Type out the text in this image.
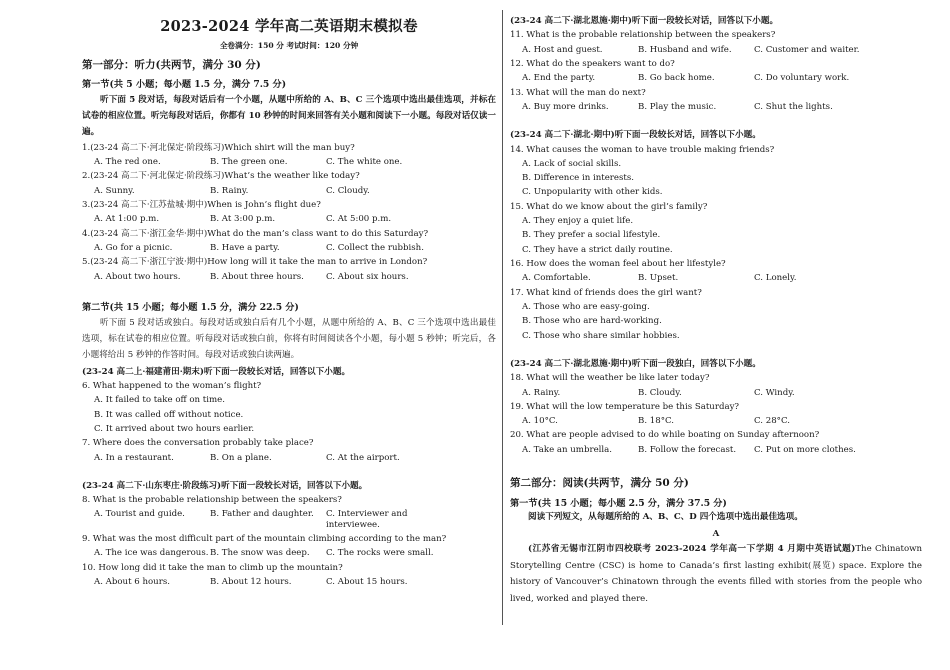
2023-2024 学年高二英语期末模拟卷
全卷满分：150 分 考试时间：120 分钟
第一部分：听力(共两节，满分 30 分)
第一节(共 5 小题；每小题 1.5 分，满分 7.5 分)
听下面 5 段对话，每段对话后有一个小题，从题中所给的 A、B、C 三个选项中选出最佳选项，并标在试卷的相应位置。听完每段对话后，你都有 10 秒钟的时间来回答有关小题和阅读下一小题。每段对话仅读一遍。
1.(23-24 高二下·河北保定·阶段练习)Which shirt will the man buy?
A. The red one.	B. The green one.	C. The white one.
2.(23-24 高二下·河北保定·阶段练习)What’s the weather like today?
A. Sunny.	B. Rainy.	C. Cloudy.
3.(23-24 高二下·江苏盐城·期中)When is John’s flight due?
A. At 1:00 p.m.	B. At 3:00 p.m.	C. At 5:00 p.m.
4.(23-24 高二下·浙江金华·期中)What do the man’s class want to do this Saturday?
A. Go for a picnic.	B. Have a party.	C. Collect the rubbish.
5.(23-24 高二下·浙江宁波·期中)How long will it take the man to arrive in London?
A. About two hours.	B. About three hours.	C. About six hours.
第二节(共 15 小题；每小题 1.5 分，满分 22.5 分)
听下面 5 段对话或独白。每段对话或独白后有几个小题，从题中所给的 A、B、C 三个选项中选出最佳选项，标在试卷的相应位置。听每段对话或独白前，你将有时间阅读各个小题，每小题 5 秒钟；听完后，各小题将给出 5 秒钟的作答时间。每段对话或独白读两遍。
(23-24 高二上·福建莆田·期末)听下面一段较长对话，回答以下小题。
6. What happened to the woman’s flight?
A. It failed to take off on time.
B. It was called off without notice.
C. It arrived about two hours earlier.
7. Where does the conversation probably take place?
A. In a restaurant.	B. On a plane.	C. At the airport.
(23-24 高二下·山东枣庄·阶段练习)听下面一段较长对话，回答以下小题。
8. What is the probable relationship between the speakers?
A. Tourist and guide.	B. Father and daughter.	C. Interviewer and interviewee.
9. What was the most difficult part of the mountain climbing according to the man?
A. The ice was dangerous. B. The snow was deep.	C. The rocks were small.
10. How long did it take the man to climb up the mountain?
A. About 6 hours.	B. About 12 hours.	C. About 15 hours.
(23-24 高二下·湖北恩施·期中)听下面一段较长对话，回答以下小题。
11. What is the probable relationship between the speakers?
A. Host and guest.	B. Husband and wife.	C. Customer and waiter.
12. What do the speakers want to do?
A. End the party.	B. Go back home.	C. Do voluntary work.
13. What will the man do next?
A. Buy more drinks.	B. Play the music.	C. Shut the lights.
(23-24 高二下·湖北·期中)听下面一段较长对话，回答以下小题。
14. What causes the woman to have trouble making friends?
A. Lack of social skills.
B. Difference in interests.
C. Unpopularity with other kids.
15. What do we know about the girl’s family?
A. They enjoy a quiet life.
B. They prefer a social lifestyle.
C. They have a strict daily routine.
16. How does the woman feel about her lifestyle?
A. Comfortable.	B. Upset.	C. Lonely.
17. What kind of friends does the girl want?
A. Those who are easy-going.
B. Those who are hard-working.
C. Those who share similar hobbies.
(23-24 高二下·湖北恩施·期中)听下面一段独白，回答以下小题。
18. What will the weather be like later today?
A. Rainy.	B. Cloudy.	C. Windy.
19. What will the low temperature be this Saturday?
A. 10°C.	B. 18°C.	C. 28°C.
20. What are people advised to do while boating on Sunday afternoon?
A. Take an umbrella.	B. Follow the forecast.	C. Put on more clothes.
第二部分：阅读(共两节，满分 50 分)
第一节(共 15 小题；每小题 2.5 分，满分 37.5 分)
阅读下列短文，从每题所给的 A、B、C、D 四个选项中选出最佳选项。
A
(江苏省无锡市江阴市四校联考 2023-2024 学年高一下学期 4 月期中英语试题)The Chinatown Storytelling Centre (CSC) is home to Canada’s first lasting exhibit(展览) space. Explore the history of Vancouver’s Chinatown through the events filled with stories from the people who lived, worked and played there.
